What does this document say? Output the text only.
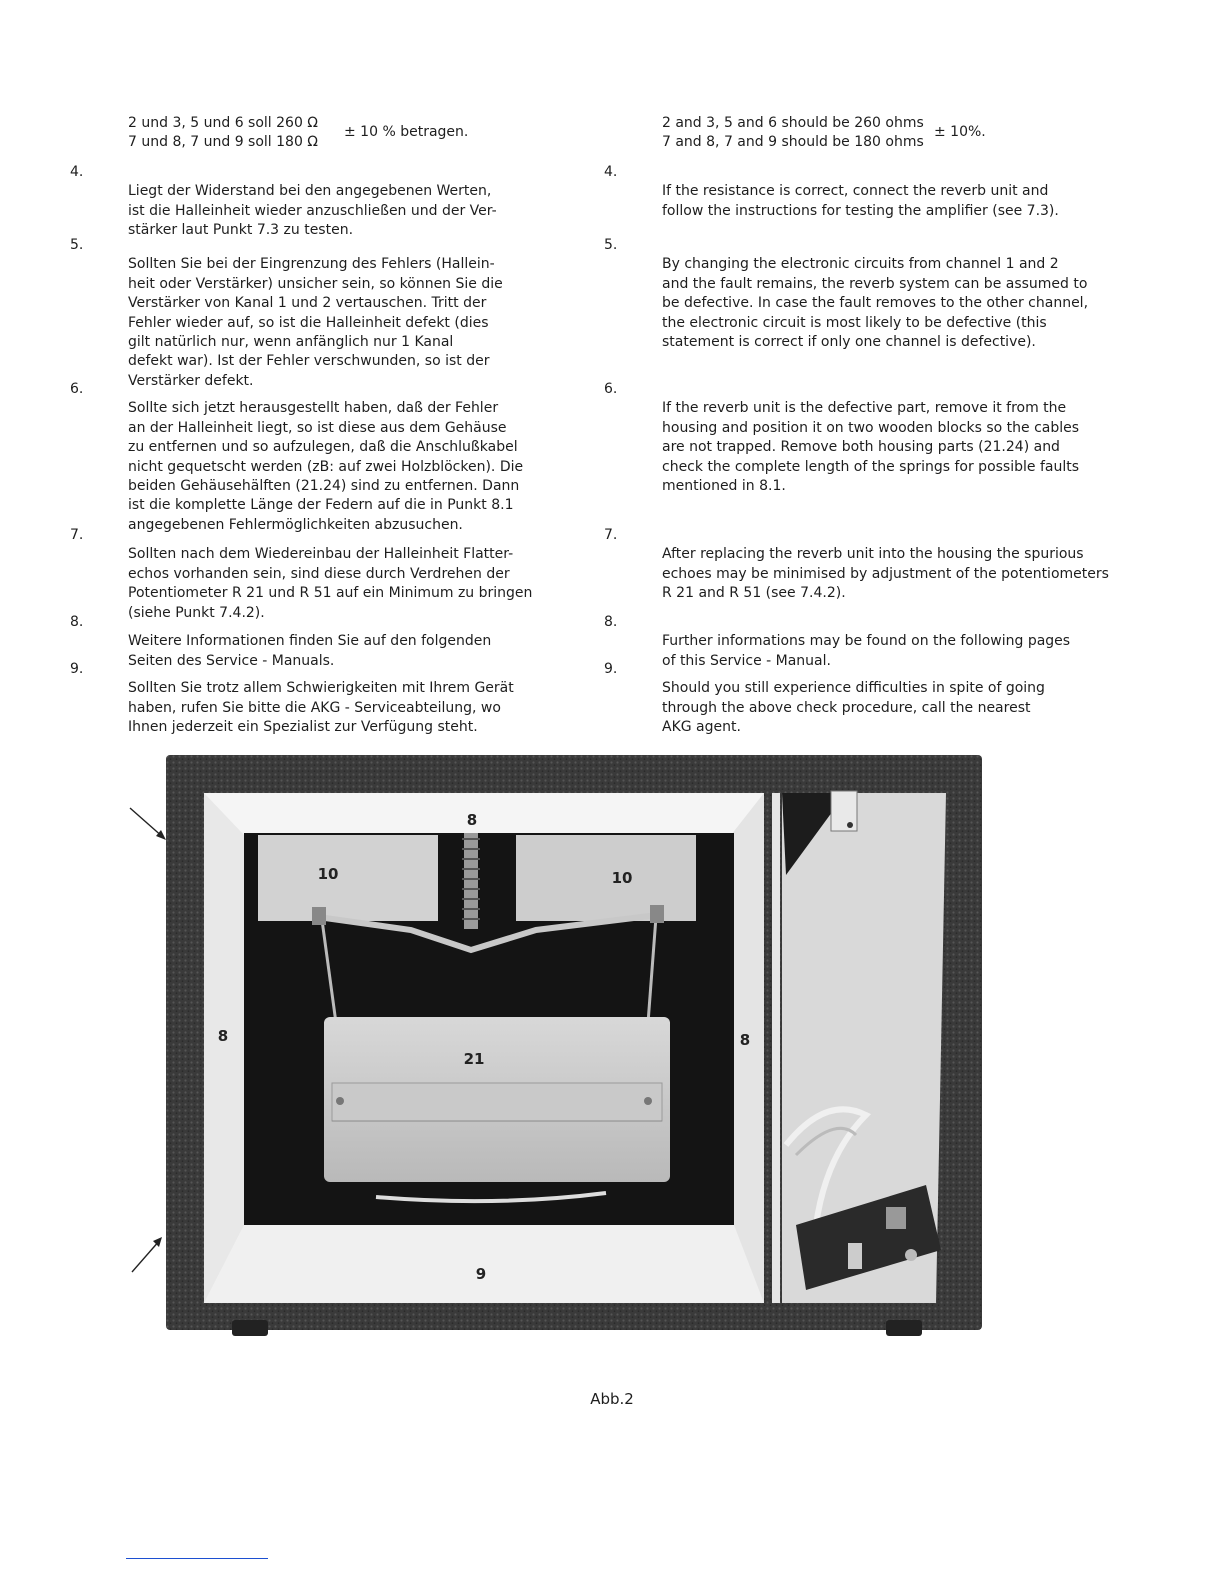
2 und 3, 5 und 6 soll 260 Ω
7 und 8, 7 und 9 soll 180 Ω
± 10 % betragen.

4.
Liegt der Widerstand bei den angegebenen Werten,
ist die Halleinheit wieder anzuschließen und der Ver-
stärker laut Punkt 7.3 zu testen.

5.
Sollten Sie bei der Eingrenzung des Fehlers (Hallein-
heit oder Verstärker) unsicher sein, so können Sie die
Verstärker von Kanal 1 und 2 vertauschen. Tritt der
Fehler wieder auf, so ist die Halleinheit defekt (dies
gilt natürlich nur, wenn anfänglich nur 1 Kanal
defekt war). Ist der Fehler verschwunden, so ist der
Verstärker defekt.

6.
Sollte sich jetzt herausgestellt haben, daß der Fehler
an der Halleinheit liegt, so ist diese aus dem Gehäuse
zu entfernen und so aufzulegen, daß die Anschlußkabel
nicht gequetscht werden (zB: auf zwei Holzblöcken). Die
beiden Gehäusehälften (21.24) sind zu entfernen. Dann
ist die komplette Länge der Federn auf die in Punkt 8.1
angegebenen Fehlermöglichkeiten abzusuchen.

7.
Sollten nach dem Wiedereinbau der Halleinheit Flatter-
echos vorhanden sein, sind diese durch Verdrehen der
Potentiometer R 21 und R 51 auf ein Minimum zu bringen
(siehe Punkt 7.4.2).

8.
Weitere Informationen finden Sie auf den folgenden
Seiten des Service - Manuals.

9.
Sollten Sie trotz allem Schwierigkeiten mit Ihrem Gerät
haben, rufen Sie bitte die AKG - Serviceabteilung, wo
Ihnen jederzeit ein Spezialist zur Verfügung steht.

2 and 3, 5 and 6 should be 260 ohms
7 and 8, 7 and 9 should be 180 ohms
± 10%.

4.
If the resistance is correct, connect the reverb unit and
follow the instructions for testing the amplifier (see 7.3).

5.
By changing the electronic circuits from channel 1 and 2
and the fault remains, the reverb system can be assumed to
be defective. In case the fault removes to the other channel,
the electronic circuit is most likely to be defective (this
statement is correct if only one channel is defective).

6.
If the reverb unit is the defective part, remove it from the
housing and position it on two wooden blocks so the cables
are not trapped. Remove both housing parts (21.24) and
check the complete length of the springs for possible faults
mentioned in 8.1.

7.
After replacing the reverb unit into the housing the spurious
echoes may be minimised by adjustment of the potentiometers
R 21 and R 51 (see 7.4.2).

8.
Further informations may be found on the following pages
of this Service - Manual.

9.
Should you still experience difficulties in spite of going
through the above check procedure, call the nearest
AKG agent.

8
10	10
8	8
21
9
Abb.2
